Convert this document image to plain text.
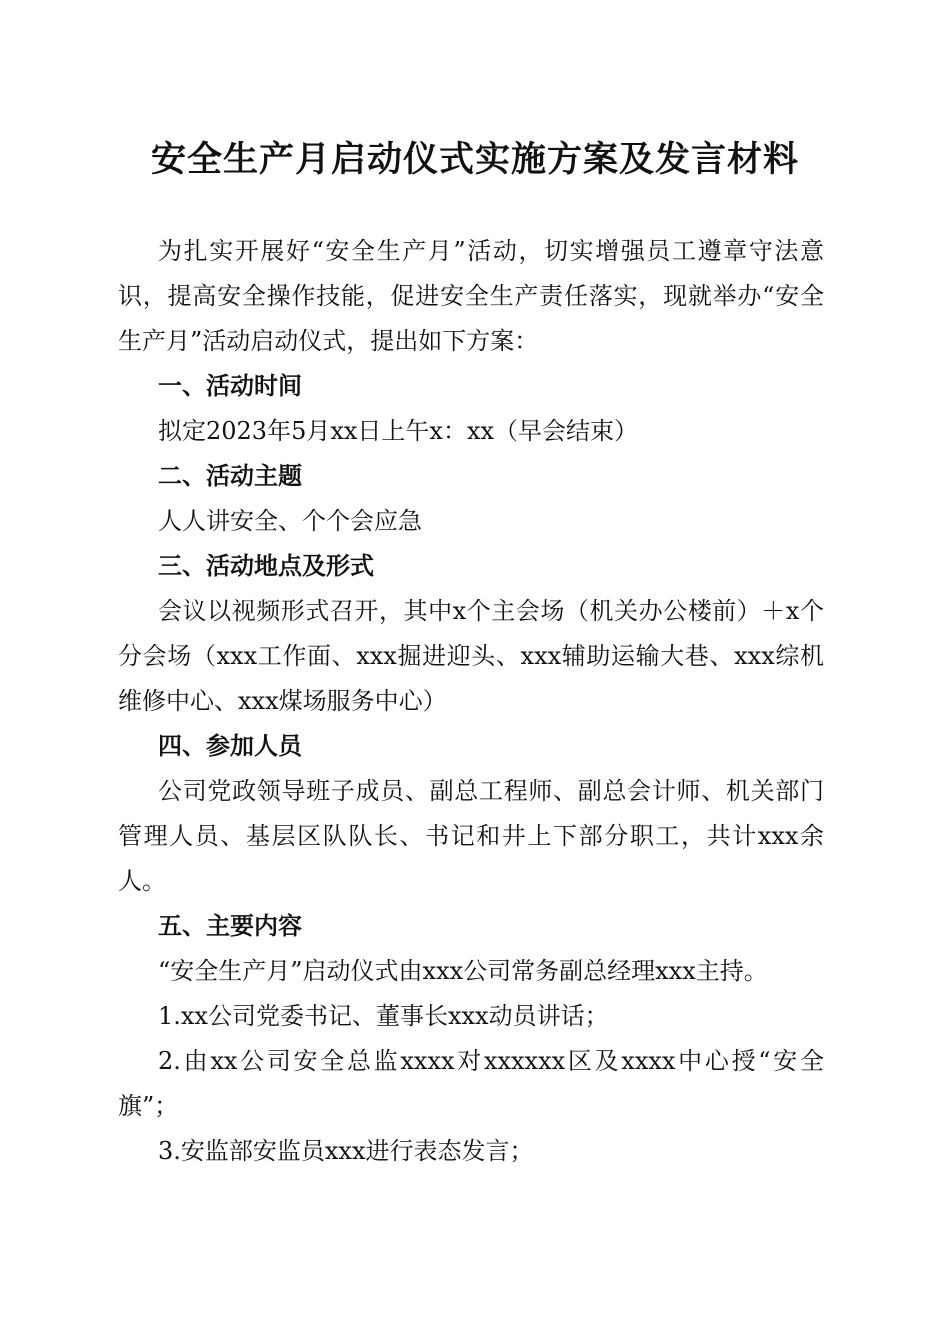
安全生产月启动仪式实施方案及发言材料

为扎实开展好“安全生产月”活动，切实增强员工遵章守法意识，提高安全操作技能，促进安全生产责任落实，现就举办“安全生产月”活动启动仪式，提出如下方案：

一、活动时间

拟定2023年5月xx日上午x：xx（早会结束）

二、活动主题

人人讲安全、个个会应急

三、活动地点及形式

会议以视频形式召开，其中x个主会场（机关办公楼前）＋x个分会场（xxx工作面、xxx掘进迎头、xxx辅助运输大巷、xxx综机维修中心、xxx煤场服务中心）

四、参加人员

公司党政领导班子成员、副总工程师、副总会计师、机关部门管理人员、基层区队队长、书记和井上下部分职工，共计xxx余人。

五、主要内容

“安全生产月”启动仪式由xxx公司常务副总经理xxx主持。

1.xx公司党委书记、董事长xxx动员讲话；

2.由xx公司安全总监xxxx对xxxxxx区及xxxx中心授“安全旗”；

3.安监部安监员xxx进行表态发言；
